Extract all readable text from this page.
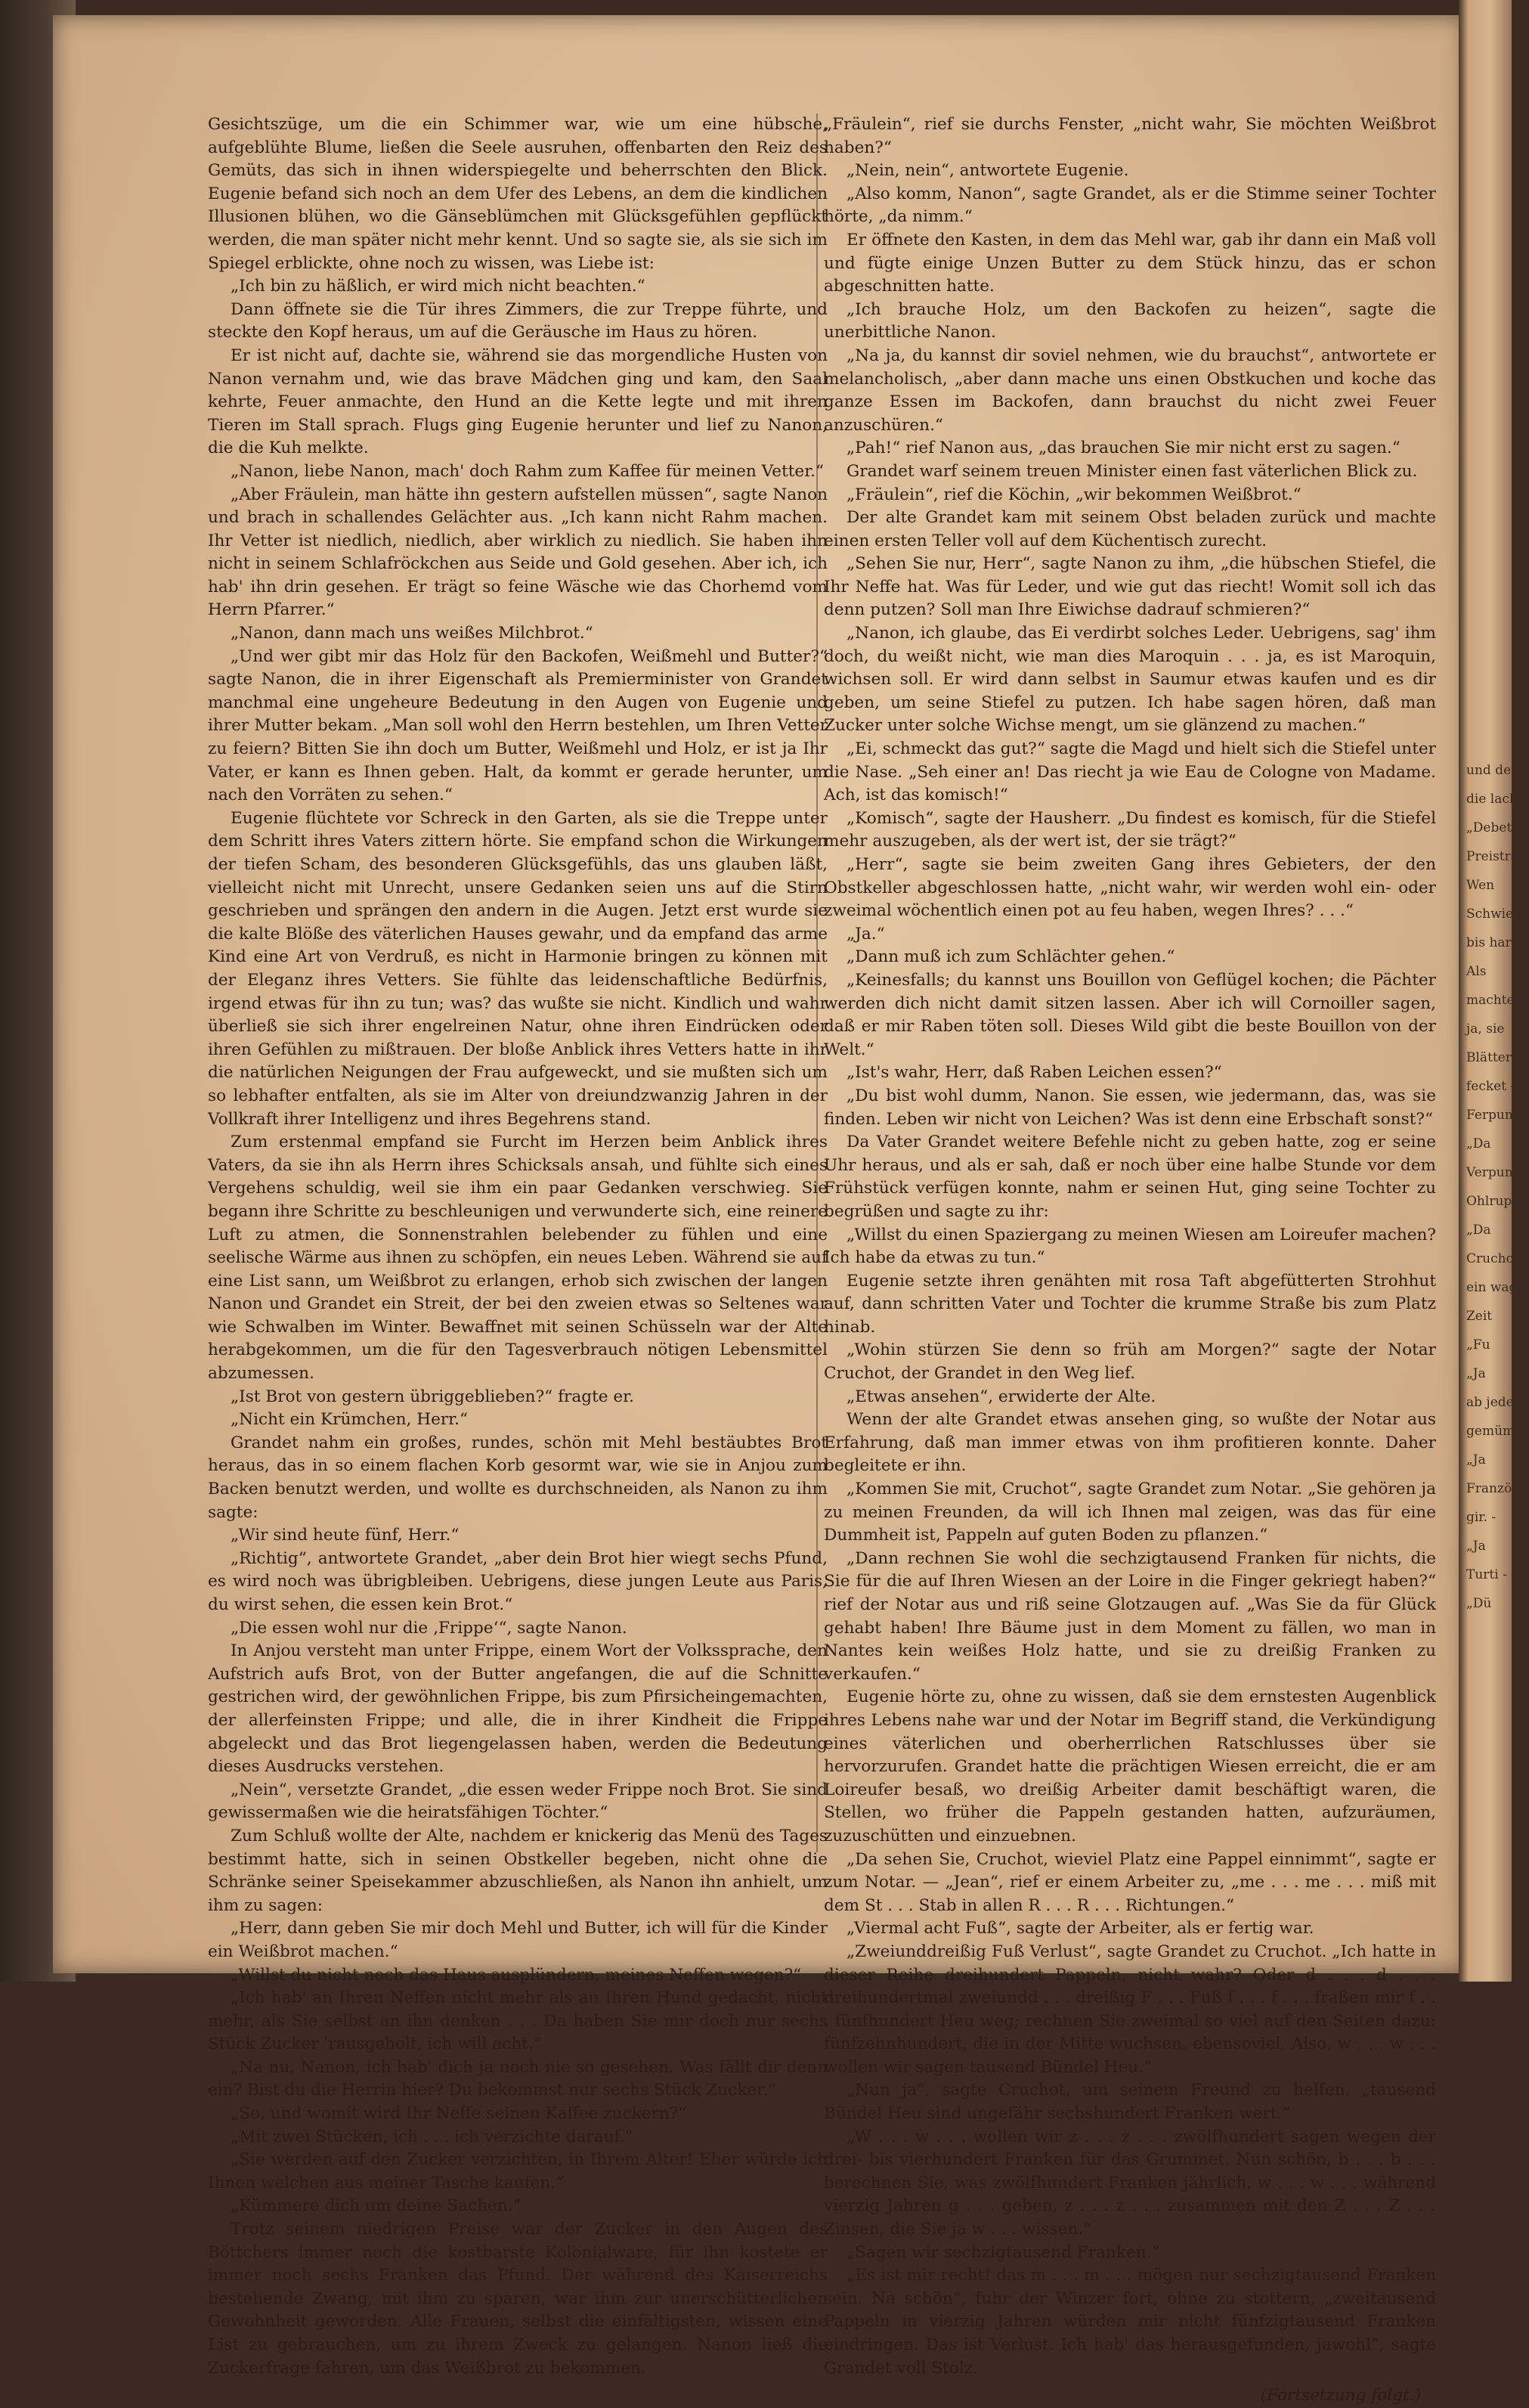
Gesichtszüge, um die ein Schimmer war, wie um eine hübsche, aufgeblühte Blume, ließen die Seele ausruhen, offenbarten den Reiz des Gemüts, das sich in ihnen widerspiegelte und beherrschten den Blick. Eugenie befand sich noch an dem Ufer des Lebens, an dem die kindlichen Illusionen blühen, wo die Gänseblümchen mit Glücksgefühlen gepflückt werden, die man später nicht mehr kennt. Und so sagte sie, als sie sich im Spiegel erblickte, ohne noch zu wissen, was Liebe ist:

„Ich bin zu häßlich, er wird mich nicht beachten.“

Dann öffnete sie die Tür ihres Zimmers, die zur Treppe führte, und steckte den Kopf heraus, um auf die Geräusche im Haus zu hören.

Er ist nicht auf, dachte sie, während sie das morgendliche Husten von Nanon vernahm und, wie das brave Mädchen ging und kam, den Saal kehrte, Feuer anmachte, den Hund an die Kette legte und mit ihren Tieren im Stall sprach. Flugs ging Eugenie herunter und lief zu Nanon, die die Kuh melkte.

„Nanon, liebe Nanon, mach' doch Rahm zum Kaffee für meinen Vetter.“

„Aber Fräulein, man hätte ihn gestern aufstellen müssen“, sagte Nanon und brach in schallendes Gelächter aus. „Ich kann nicht Rahm machen. Ihr Vetter ist niedlich, niedlich, aber wirklich zu niedlich. Sie haben ihn nicht in seinem Schlafröckchen aus Seide und Gold gesehen. Aber ich, ich hab' ihn drin gesehen. Er trägt so feine Wäsche wie das Chorhemd vom Herrn Pfarrer.“

„Nanon, dann mach uns weißes Milchbrot.“

„Und wer gibt mir das Holz für den Backofen, Weißmehl und Butter?“ sagte Nanon, die in ihrer Eigenschaft als Premierminister von Grandet manchmal eine ungeheure Bedeutung in den Augen von Eugenie und ihrer Mutter bekam. „Man soll wohl den Herrn bestehlen, um Ihren Vetter zu feiern? Bitten Sie ihn doch um Butter, Weißmehl und Holz, er ist ja Ihr Vater, er kann es Ihnen geben. Halt, da kommt er gerade herunter, um nach den Vorräten zu sehen.“

Eugenie flüchtete vor Schreck in den Garten, als sie die Treppe unter dem Schritt ihres Vaters zittern hörte. Sie empfand schon die Wirkungen der tiefen Scham, des besonderen Glücksgefühls, das uns glauben läßt, vielleicht nicht mit Unrecht, unsere Gedanken seien uns auf die Stirn geschrieben und sprängen den andern in die Augen. Jetzt erst wurde sie die kalte Blöße des väterlichen Hauses gewahr, und da empfand das arme Kind eine Art von Verdruß, es nicht in Harmonie bringen zu können mit der Eleganz ihres Vetters. Sie fühlte das leidenschaftliche Bedürfnis, irgend etwas für ihn zu tun; was? das wußte sie nicht. Kindlich und wahr überließ sie sich ihrer engelreinen Natur, ohne ihren Eindrücken oder ihren Gefühlen zu mißtrauen. Der bloße Anblick ihres Vetters hatte in ihr die natürlichen Neigungen der Frau aufgeweckt, und sie mußten sich um so lebhafter entfalten, als sie im Alter von dreiundzwanzig Jahren in der Vollkraft ihrer Intelligenz und ihres Begehrens stand.

Zum erstenmal empfand sie Furcht im Herzen beim Anblick ihres Vaters, da sie ihn als Herrn ihres Schicksals ansah, und fühlte sich eines Vergehens schuldig, weil sie ihm ein paar Gedanken verschwieg. Sie begann ihre Schritte zu beschleunigen und verwunderte sich, eine reinere Luft zu atmen, die Sonnenstrahlen belebender zu fühlen und eine seelische Wärme aus ihnen zu schöpfen, ein neues Leben. Während sie auf eine List sann, um Weißbrot zu erlangen, erhob sich zwischen der langen Nanon und Grandet ein Streit, der bei den zweien etwas so Seltenes war wie Schwalben im Winter. Bewaffnet mit seinen Schüsseln war der Alte herabgekommen, um die für den Tagesverbrauch nötigen Lebensmittel abzumessen.

„Ist Brot von gestern übriggeblieben?“ fragte er.

„Nicht ein Krümchen, Herr.“

Grandet nahm ein großes, rundes, schön mit Mehl bestäubtes Brot heraus, das in so einem flachen Korb gesormt war, wie sie in Anjou zum Backen benutzt werden, und wollte es durchschneiden, als Nanon zu ihm sagte:

„Wir sind heute fünf, Herr.“

„Richtig“, antwortete Grandet, „aber dein Brot hier wiegt sechs Pfund, es wird noch was übrigbleiben. Uebrigens, diese jungen Leute aus Paris, du wirst sehen, die essen kein Brot.“

„Die essen wohl nur die ‚Frippe‘“, sagte Nanon.

In Anjou versteht man unter Frippe, einem Wort der Volkssprache, den Aufstrich aufs Brot, von der Butter angefangen, die auf die Schnitte gestrichen wird, der gewöhnlichen Frippe, bis zum Pfirsicheingemachten, der allerfeinsten Frippe; und alle, die in ihrer Kindheit die Frippe abgeleckt und das Brot liegengelassen haben, werden die Bedeutung dieses Ausdrucks verstehen.

„Nein“, versetzte Grandet, „die essen weder Frippe noch Brot. Sie sind gewissermaßen wie die heiratsfähigen Töchter.“

Zum Schluß wollte der Alte, nachdem er knickerig das Menü des Tages bestimmt hatte, sich in seinen Obstkeller begeben, nicht ohne die Schränke seiner Speisekammer abzuschließen, als Nanon ihn anhielt, um ihm zu sagen:

„Herr, dann geben Sie mir doch Mehl und Butter, ich will für die Kinder ein Weißbrot machen.“

„Willst du nicht noch das Haus ausplündern, meines Neffen wegen?“

„Ich hab' an Ihren Neffen nicht mehr als an Ihren Hund gedacht, nicht mehr, als Sie selbst an ihn denken . . . Da haben Sie mir doch nur sechs Stück Zucker 'rausgeholt, ich will acht.“

„Na nu, Nanon, ich hab' dich ja noch nie so gesehen. Was fällt dir denn ein? Bist du die Herrin hier? Du bekommst nur sechs Stück Zucker.“

„So, und womit wird Ihr Neffe seinen Kaffee zuckern?“

„Mit zwei Stücken, ich . . . ich verzichte darauf.“

„Sie werden auf den Zucker verzichten, in Ihrem Alter! Eher würde ich Ihnen welchen aus meiner Tasche kaufen.“

„Kümmere dich um deine Sachen.“

Trotz seinem niedrigen Preise war der Zucker in den Augen des Böttchers immer noch die kostbarste Kolonialware, für ihn kostete er immer noch sechs Franken das Pfund. Der während des Kaiserreichs bestehende Zwang, mit ihm zu sparen, war ihm zur unerschütterlichen Gewohnheit geworden. Alle Frauen, selbst die einfältigsten, wissen eine List zu gebrauchen, um zu ihrem Zweck zu gelangen. Nanon ließ die Zuckerfrage fahren, um das Weißbrot zu bekommen.

„Fräulein“, rief sie durchs Fenster, „nicht wahr, Sie möchten Weißbrot haben?“

„Nein, nein“, antwortete Eugenie.

„Also komm, Nanon“, sagte Grandet, als er die Stimme seiner Tochter hörte, „da nimm.“

Er öffnete den Kasten, in dem das Mehl war, gab ihr dann ein Maß voll und fügte einige Unzen Butter zu dem Stück hinzu, das er schon abgeschnitten hatte.

„Ich brauche Holz, um den Backofen zu heizen“, sagte die unerbittliche Nanon.

„Na ja, du kannst dir soviel nehmen, wie du brauchst“, antwortete er melancholisch, „aber dann mache uns einen Obstkuchen und koche das ganze Essen im Backofen, dann brauchst du nicht zwei Feuer anzuschüren.“

„Pah!“ rief Nanon aus, „das brauchen Sie mir nicht erst zu sagen.“

Grandet warf seinem treuen Minister einen fast väterlichen Blick zu.

„Fräulein“, rief die Köchin, „wir bekommen Weißbrot.“

Der alte Grandet kam mit seinem Obst beladen zurück und machte einen ersten Teller voll auf dem Küchentisch zurecht.

„Sehen Sie nur, Herr“, sagte Nanon zu ihm, „die hübschen Stiefel, die Ihr Neffe hat. Was für Leder, und wie gut das riecht! Womit soll ich das denn putzen? Soll man Ihre Eiwichse dadrauf schmieren?“

„Nanon, ich glaube, das Ei verdirbt solches Leder. Uebrigens, sag' ihm doch, du weißt nicht, wie man dies Maroquin . . . ja, es ist Maroquin, wichsen soll. Er wird dann selbst in Saumur etwas kaufen und es dir geben, um seine Stiefel zu putzen. Ich habe sagen hören, daß man Zucker unter solche Wichse mengt, um sie glänzend zu machen.“

„Ei, schmeckt das gut?“ sagte die Magd und hielt sich die Stiefel unter die Nase. „Seh einer an! Das riecht ja wie Eau de Cologne von Madame. Ach, ist das komisch!“

„Komisch“, sagte der Hausherr. „Du findest es komisch, für die Stiefel mehr auszugeben, als der wert ist, der sie trägt?“

„Herr“, sagte sie beim zweiten Gang ihres Gebieters, der den Obstkeller abgeschlossen hatte, „nicht wahr, wir werden wohl ein- oder zweimal wöchentlich einen pot au feu haben, wegen Ihres? . . .“

„Ja.“

„Dann muß ich zum Schlächter gehen.“

„Keinesfalls; du kannst uns Bouillon von Geflügel kochen; die Pächter werden dich nicht damit sitzen lassen. Aber ich will Cornoiller sagen, daß er mir Raben töten soll. Dieses Wild gibt die beste Bouillon von der Welt.“

„Ist's wahr, Herr, daß Raben Leichen essen?“

„Du bist wohl dumm, Nanon. Sie essen, wie jedermann, das, was sie finden. Leben wir nicht von Leichen? Was ist denn eine Erbschaft sonst?“

Da Vater Grandet weitere Befehle nicht zu geben hatte, zog er seine Uhr heraus, und als er sah, daß er noch über eine halbe Stunde vor dem Frühstück verfügen konnte, nahm er seinen Hut, ging seine Tochter zu begrüßen und sagte zu ihr:

„Willst du einen Spaziergang zu meinen Wiesen am Loireufer machen? Ich habe da etwas zu tun.“

Eugenie setzte ihren genähten mit rosa Taft abgefütterten Strohhut auf, dann schritten Vater und Tochter die krumme Straße bis zum Platz hinab.

„Wohin stürzen Sie denn so früh am Morgen?“ sagte der Notar Cruchot, der Grandet in den Weg lief.

„Etwas ansehen“, erwiderte der Alte.

Wenn der alte Grandet etwas ansehen ging, so wußte der Notar aus Erfahrung, daß man immer etwas von ihm profitieren konnte. Daher begleitete er ihn.

„Kommen Sie mit, Cruchot“, sagte Grandet zum Notar. „Sie gehören ja zu meinen Freunden, da will ich Ihnen mal zeigen, was das für eine Dummheit ist, Pappeln auf guten Boden zu pflanzen.“

„Dann rechnen Sie wohl die sechzigtausend Franken für nichts, die Sie für die auf Ihren Wiesen an der Loire in die Finger gekriegt haben?“ rief der Notar aus und riß seine Glotzaugen auf. „Was Sie da für Glück gehabt haben! Ihre Bäume just in dem Moment zu fällen, wo man in Nantes kein weißes Holz hatte, und sie zu dreißig Franken zu verkaufen.“

Eugenie hörte zu, ohne zu wissen, daß sie dem ernstesten Augenblick ihres Lebens nahe war und der Notar im Begriff stand, die Verkündigung eines väterlichen und oberherrlichen Ratschlusses über sie hervorzurufen. Grandet hatte die prächtigen Wiesen erreicht, die er am Loireufer besaß, wo dreißig Arbeiter damit beschäftigt waren, die Stellen, wo früher die Pappeln gestanden hatten, aufzuräumen, zuzuschütten und einzuebnen.

„Da sehen Sie, Cruchot, wieviel Platz eine Pappel einnimmt“, sagte er zum Notar. — „Jean“, rief er einem Arbeiter zu, „me . . . me . . . miß mit dem St . . . Stab in allen R . . . R . . . Richtungen.“

„Viermal acht Fuß“, sagte der Arbeiter, als er fertig war.

„Zweiunddreißig Fuß Verlust“, sagte Grandet zu Cruchot. „Ich hatte in dieser Reihe dreihundert Pappeln, nicht wahr? Oder d . . . d . . . dreihundertmal zweiundd . . . dreißig F . . . Fuß f . . . f . . . fraßen mir f . . . fünfhundert Heu weg; rechnen Sie zweimal so viel auf den Seiten dazu: fünfzehnhundert, die in der Mitte wuchsen, ebensoviel. Also, w . . . w . . . wollen wir sagen tausend Bündel Heu.“

„Nun ja“, sagte Cruchot, um seinem Freund zu helfen, „tausend Bündel Heu sind ungefähr sechshundert Franken wert.“

„W . . . w . . . wollen wir z . . . z . . . zwölfhundert sagen wegen der drei- bis vierhundert Franken für das Grummet. Nun schön, b . . . b . . . berechnen Sie, was zwölfhundert Franken jährlich, w . . . w . . . während vierzig Jahren g . . . geben, z . . . z . . . zusammen mit den Z . . . Z . . . Zinsen, die Sie ja w . . . wissen.“

„Sagen wir sechzigtausend Franken.“

„Es ist mir recht! das m . . . m . . . mögen nur sechzigtausend Franken sein. Na schön“, fuhr der Winzer fort, ohne zu stottern, „zweitausend Pappeln in vierzig Jahren würden mir nicht fünfzigtausend Franken eindringen. Das ist Verlust. Ich hab' das herausgefunden, jawohl“, sagte Grandet voll Stolz.

(Fortsetzung folgt.)
und der
die lach
„Debet
Preistra
Wen
Schwiege
bis har
Als
machte,
ja, sie
Blätter
fecket -
Ferpung
„Da
Verpung
Ohlrup
„Da
Cruchot
ein wag
Zeit
„Fu
„Ja
ab jeder
gemüm
„Ja
Franzö
gir. -
„Ja
Turti -
„Dü
